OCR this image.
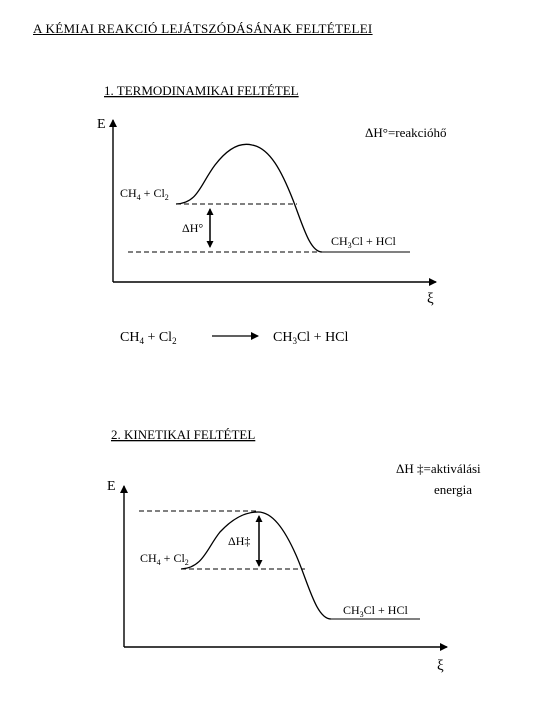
A KÉMIAI REAKCIÓ LEJÁTSZÓDÁSÁNAK FELTÉTELEI
1. TERMODINAMIKAI FELTÉTEL
E
ξ
ΔH°=reakcióhő
ΔH°
$CH_4 + Cl_2$
$CH_3Cl$ + HCl
$CH_4 + Cl_2$	$CH_3Cl$ + HCl
2. KINETIKAI FELTÉTEL
E
ξ
ΔH ‡=aktiválási
energia
ΔH‡
$CH_4 + Cl_2$
$CH_3Cl$ + HCl
